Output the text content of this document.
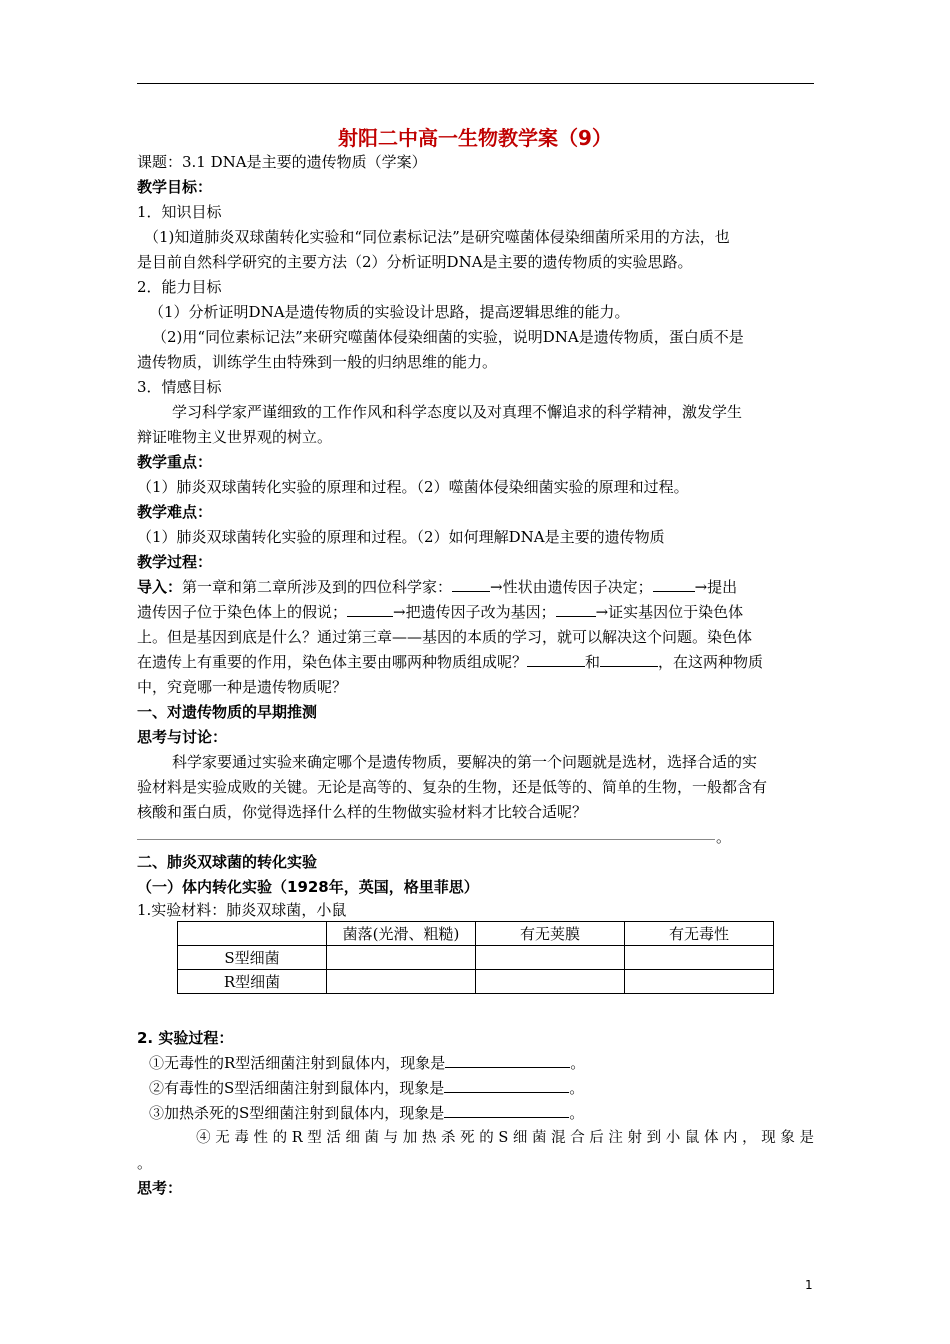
射阳二中高一生物教学案（9）
课题：3.1 DNA是主要的遗传物质（学案）
教学目标：
1．知识目标
（1)知道肺炎双球菌转化实验和“同位素标记法”是研究噬菌体侵染细菌所采用的方法，也
是目前自然科学研究的主要方法（2）分析证明DNA是主要的遗传物质的实验思路。
2．能力目标
（1）分析证明DNA是遗传物质的实验设计思路，提高逻辑思维的能力。
（2)用“同位素标记法”来研究噬菌体侵染细菌的实验，说明DNA是遗传物质，蛋白质不是
遗传物质，训练学生由特殊到一般的归纳思维的能力。
3．情感目标
学习科学家严谨细致的工作作风和科学态度以及对真理不懈追求的科学精神，激发学生
辩证唯物主义世界观的树立。
教学重点：
（1）肺炎双球菌转化实验的原理和过程。（2）噬菌体侵染细菌实验的原理和过程。
教学难点：
（1）肺炎双球菌转化实验的原理和过程。（2）如何理解DNA是主要的遗传物质
教学过程：
导入：第一章和第二章所涉及到的四位科学家：	→性状由遗传因子决定；	→提出
遗传因子位于染色体上的假说；	→把遗传因子改为基因；	→证实基因位于染色体
上。但是基因到底是什么？通过第三章——基因的本质的学习，就可以解决这个问题。染色体
在遗传上有重要的作用，染色体主要由哪两种物质组成呢？	和	，在这两种物质
中，究竟哪一种是遗传物质呢？
一、对遗传物质的早期推测
思考与讨论：
科学家要通过实验来确定哪个是遗传物质，要解决的第一个问题就是选材，选择合适的实
验材料是实验成败的关键。无论是高等的、复杂的生物，还是低等的、简单的生物，一般都含有
核酸和蛋白质，你觉得选择什么样的生物做实验材料才比较合适呢？
。
二、肺炎双球菌的转化实验
（一）体内转化实验（1928年，英国，格里菲思）
1.实验材料：肺炎双球菌，小鼠
	菌落(光滑、粗糙)	有无荚膜	有无毒性
S型细菌			
R型细菌			
2. 实验过程：
①无毒性的R型活细菌注射到鼠体内，现象是	。
②有毒性的S型活细菌注射到鼠体内，现象是	。
③加热杀死的S型细菌注射到鼠体内，现象是	。
④ 无 毒 性 的 R 型 活 细 菌 与 加 热 杀 死 的 S 细 菌 混 合 后 注 射 到 小 鼠 体 内 ， 现 象 是
。
思考：
1
